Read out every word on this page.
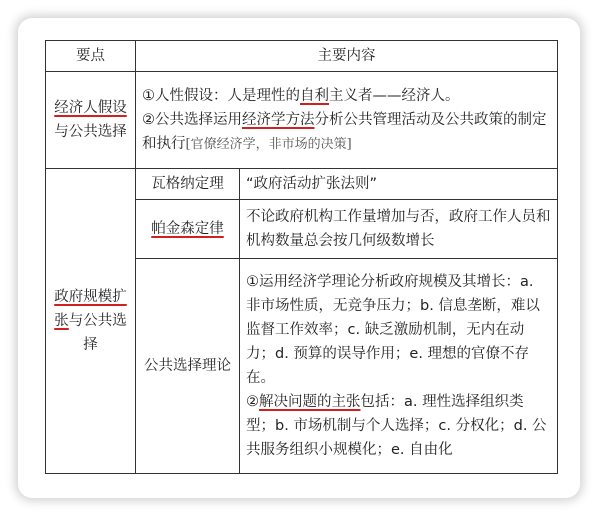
要点	主要内容	
经济人假设与公共选择	①人性假设：人是理性的自利主义者——经济人。
②公共选择运用经济学方法分析公共管理活动及公共政策的制定和执行[官僚经济学，非市场的决策]	

政府规模扩张与公共选择	瓦格纳定理	“政府活动扩张法则”
	帕金森定律	不论政府机构工作量增加与否，政府工作人员和机构数量总会按几何级数增长
	公共选择理论	①运用经济学理论分析政府规模及其增长：a. 非市场性质，无竞争压力；b. 信息垄断，难以监督工作效率；c. 缺乏激励机制，无内在动力；d. 预算的误导作用；e. 理想的官僚不存在。
②解决问题的主张包括：a. 理性选择组织类型；b. 市场机制与个人选择；c. 分权化；d. 公共服务组织小规模化；e. 自由化
